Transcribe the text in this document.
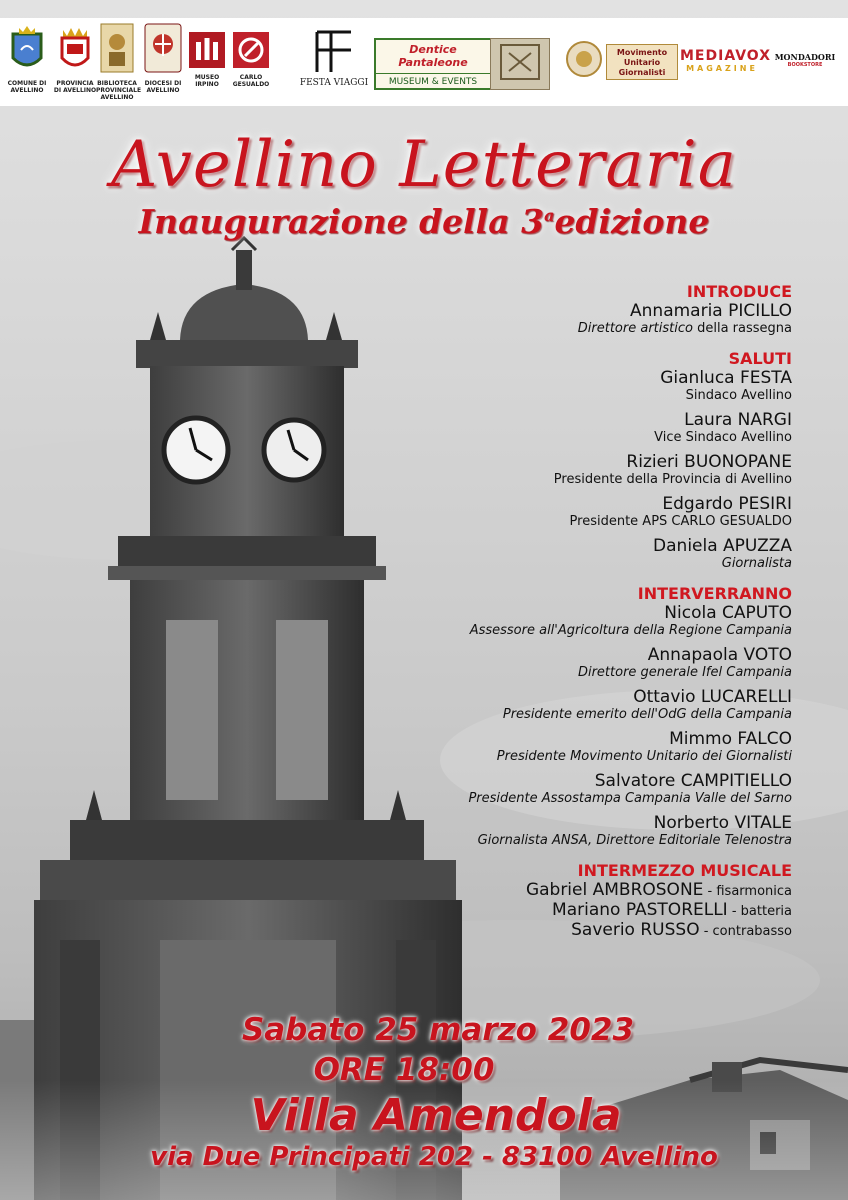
COMUNE DI AVELLINO
PROVINCIA DI AVELLINO
BIBLIOTECA PROVINCIALE AVELLINO
DIOCESI DI AVELLINO
MUSEO IRPINO
CARLO GESUALDO	FESTA VIAGGI
Dentice Pantaleone
MUSEUM & EVENTS
Movimento Unitario Giornalisti
MEDIAVOX
MAGAZINE
MONDADORI
BOOKSTORE
Avellino Letteraria
Inaugurazione della 3$^a$edizione
INTRODUCE
Annamaria PICILLO
Direttore artistico della rassegna
SALUTI
Gianluca FESTA
Sindaco Avellino
Laura NARGI
Vice Sindaco Avellino
Rizieri BUONOPANE
Presidente della Provincia di Avellino
Edgardo PESIRI
Presidente APS CARLO GESUALDO
Daniela APUZZA
Giornalista
INTERVERRANNO
Nicola CAPUTO
Assessore all'Agricoltura della Regione Campania
Annapaola VOTO
Direttore generale Ifel Campania
Ottavio LUCARELLI
Presidente emerito dell'OdG della Campania
Mimmo FALCO
Presidente Movimento Unitario dei Giornalisti
Salvatore CAMPITIELLO
Presidente Assostampa Campania Valle del Sarno
Norberto VITALE
Giornalista ANSA, Direttore Editoriale Telenostra
INTERMEZZO MUSICALE
Gabriel AMBROSONE - fisarmonica
Mariano PASTORELLI - batteria
Saverio RUSSO - contrabasso
Sabato 25 marzo 2023
ORE 18:00
Villa Amendola
via Due Principati 202 - 83100 Avellino
